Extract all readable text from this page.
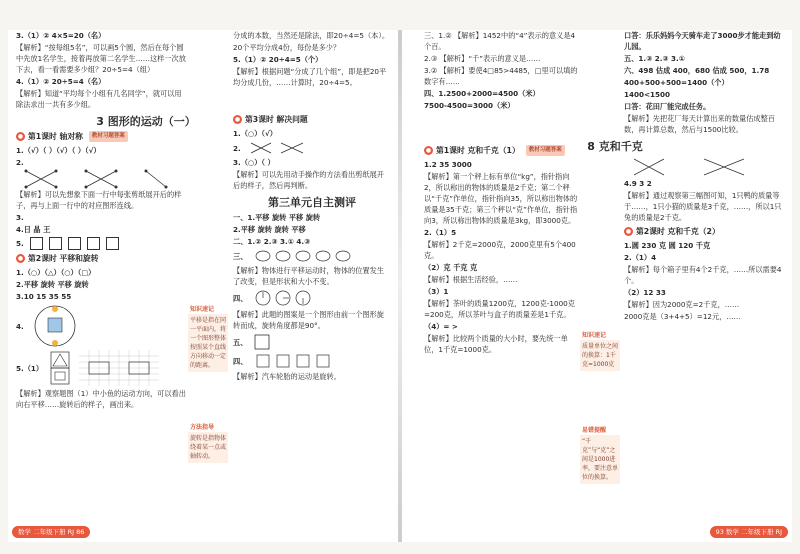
3.（1）② 4×5=20（名）

【解析】“按每组5名”，可以画5个圆，然后在每个圆中先放1名学生，接着再放第二名学生……这样一次放下去，看一看需要多少组？20÷5=4（组）

4.（1）② 20÷5=4（名）

【解析】知道“平均每个小组有几名同学”，就可以用除法求出一共有多少组。

3 图形的运动（一）
● 第1课时 轴对称	教材习题答案

1.（√）（ ）（√）（ ）（√）

2.

【解析】可以先想象下面一行中每张剪纸展开后的样子，再与上面一行中的对应图形连线。

3.

4.日 晶 王

5.
● 第2课时 平移和旋转

1.（○）（△）（○）（□）

2.平移 旋转 平移 旋转

3.10 15 35 55

4.
5.（1）

【解析】观察题图（1）中小鱼的运动方向，可以看出向右平移……旋转后的样子，画出来。

知识速记
平移是指在同一平面内，将一个图形整体按照某个直线方向移动一定的距离。
方法指导
旋转是指物体绕着某一点或轴转动。

分成的本数，当然还是除法，即20÷4=5（本）。

20个平均分成4份，每份是多少？

5.（1）② 20÷4=5（个）

【解析】根据问题“分成了几个组”，即是把20平均分成几份，……计算时，20÷4=5。

● 第3课时 解决问题

1.（○）（√）

2.

3.（○）（ ）

【解析】可以先用动手操作的方法看出剪纸展开后的样子，然后再判断。

第三单元自主测评

一、1.平移 旋转 平移 旋转

2.平移 旋转 旋转 平移

二、1.② 2.③ 3.① 4.③

三、

【解析】物体进行平移运动时，物体的位置发生了改变，但是形状和大小不变。

四、

【解析】此题的图案是一个图形由前一个图形旋转而成，旋转角度都是90°。

五、
四、

【解析】汽车轮胎的运动是旋转。

数学 二年级下册 RJ 86

三、1.② 【解析】1452中的“4”表示的意义是4个百。

2.③ 【解析】“千”表示的意义是……

3.② 【解析】要使4□85>4485，□里可以填的数字有……

四、1.2500+2000=4500（米）

7500-4500=3000（米）

● 第1课时 克和千克（1）	教材习题答案

1.2 35 3000

【解析】第一个秤上标有单位“kg”，指针指向2，所以称出的物体的质量是2千克；第二个秤以“千克”作单位，指针指向35，所以称出物体的质量是35千克；第三个秤以“克”作单位，指针指向3，所以称出物体的质量是3kg，即3000克。

2.（1）5

【解析】2千克=2000克，2000克里有5个400克。

（2）克 千克 克

【解析】根据生活经验，……

（3）1

【解析】茶叶的质量1200克，1200克-1000克=200克，所以茶叶与盒子的质量差是1千克。

（4）= >

【解析】比较两个质量的大小时，要先统一单位，1千克=1000克。

知识速记
质量单位之间的换算：1千克=1000克
易错提醒
“千克”与“克”之间是1000进率，要注意单位的换算。

口答：乐乐妈妈今天骑车走了3000步才能走到幼儿园。

五、1.③ 2.③ 3.①

六、498 估成 400，680 估成 500，1.78

400+500+500=1400（个）

1400<1500

口答：花田厂能完成任务。

【解析】先把花厂每天计算出来的数量估成整百数，再计算总数，然后与1500比较。

8 克和千克

4.9 3 2

【解析】通过观察第三幅图可知，1只鸭的质量等于……，1只小猫的质量是3千克，……，所以1只兔的质量是2千克。

● 第2课时 克和千克（2）

1.圆 230 克 圆 120 千克

2.（1）4

【解析】每个箱子里有4个2千克，……所以需要4个。

（2）12 33

【解析】因为2000克=2千克，……

2000克是（3+4+5）=12元，……

93 数学 二年级下册 RJ
